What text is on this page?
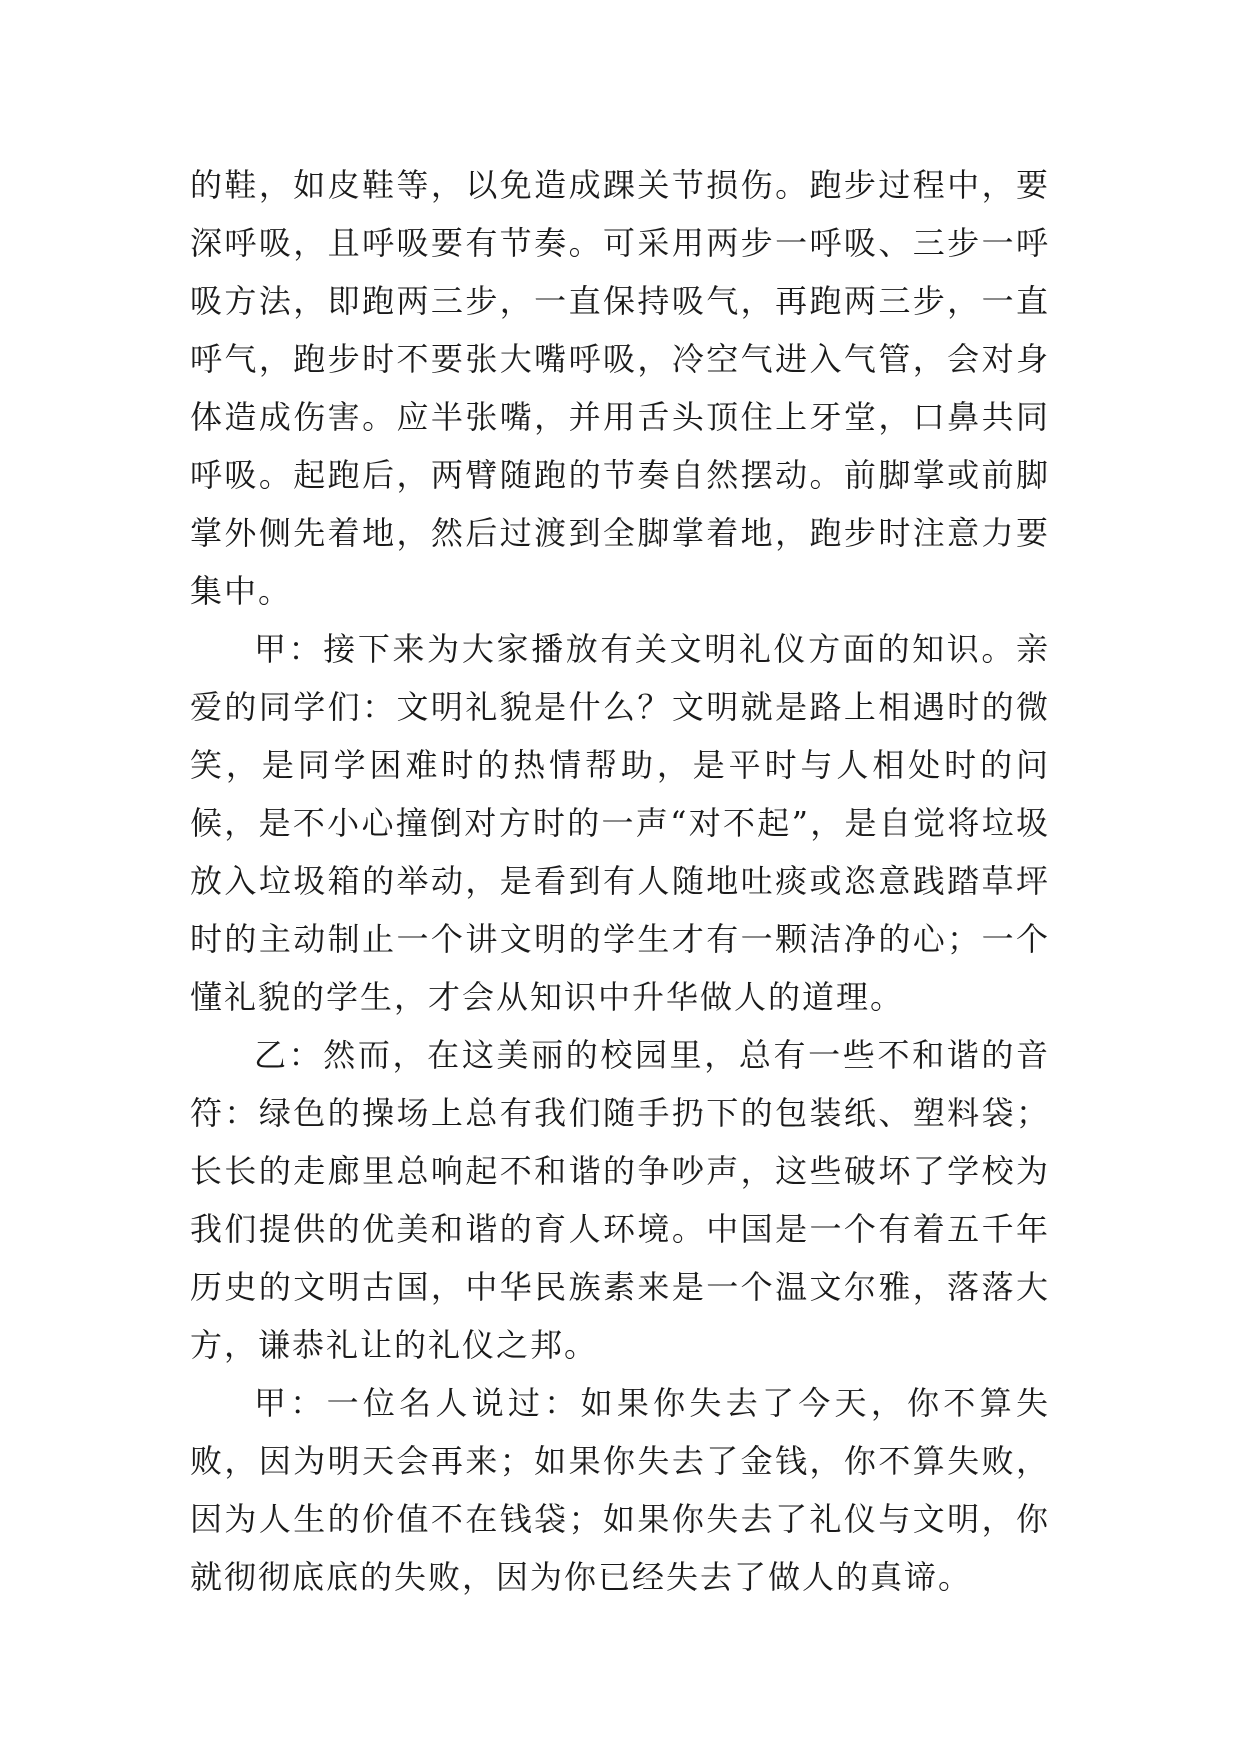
的鞋，如皮鞋等，以免造成踝关节损伤。跑步过程中，要深呼吸，且呼吸要有节奏。可采用两步一呼吸、三步一呼吸方法，即跑两三步，一直保持吸气，再跑两三步，一直呼气，跑步时不要张大嘴呼吸，冷空气进入气管，会对身体造成伤害。应半张嘴，并用舌头顶住上牙堂，口鼻共同呼吸。起跑后，两臂随跑的节奏自然摆动。前脚掌或前脚掌外侧先着地，然后过渡到全脚掌着地，跑步时注意力要集中。

甲：接下来为大家播放有关文明礼仪方面的知识。亲爱的同学们：文明礼貌是什么？文明就是路上相遇时的微笑，是同学困难时的热情帮助，是平时与人相处时的问候，是不小心撞倒对方时的一声“对不起”，是自觉将垃圾放入垃圾箱的举动，是看到有人随地吐痰或恣意践踏草坪时的主动制止一个讲文明的学生才有一颗洁净的心；一个懂礼貌的学生，才会从知识中升华做人的道理。

乙：然而，在这美丽的校园里，总有一些不和谐的音符：绿色的操场上总有我们随手扔下的包装纸、塑料袋；长长的走廊里总响起不和谐的争吵声，这些破坏了学校为我们提供的优美和谐的育人环境。中国是一个有着五千年历史的文明古国，中华民族素来是一个温文尔雅，落落大方，谦恭礼让的礼仪之邦。

甲：一位名人说过：如果你失去了今天，你不算失败，因为明天会再来；如果你失去了金钱，你不算失败，因为人生的价值不在钱袋；如果你失去了礼仪与文明，你就彻彻底底的失败，因为你已经失去了做人的真谛。
